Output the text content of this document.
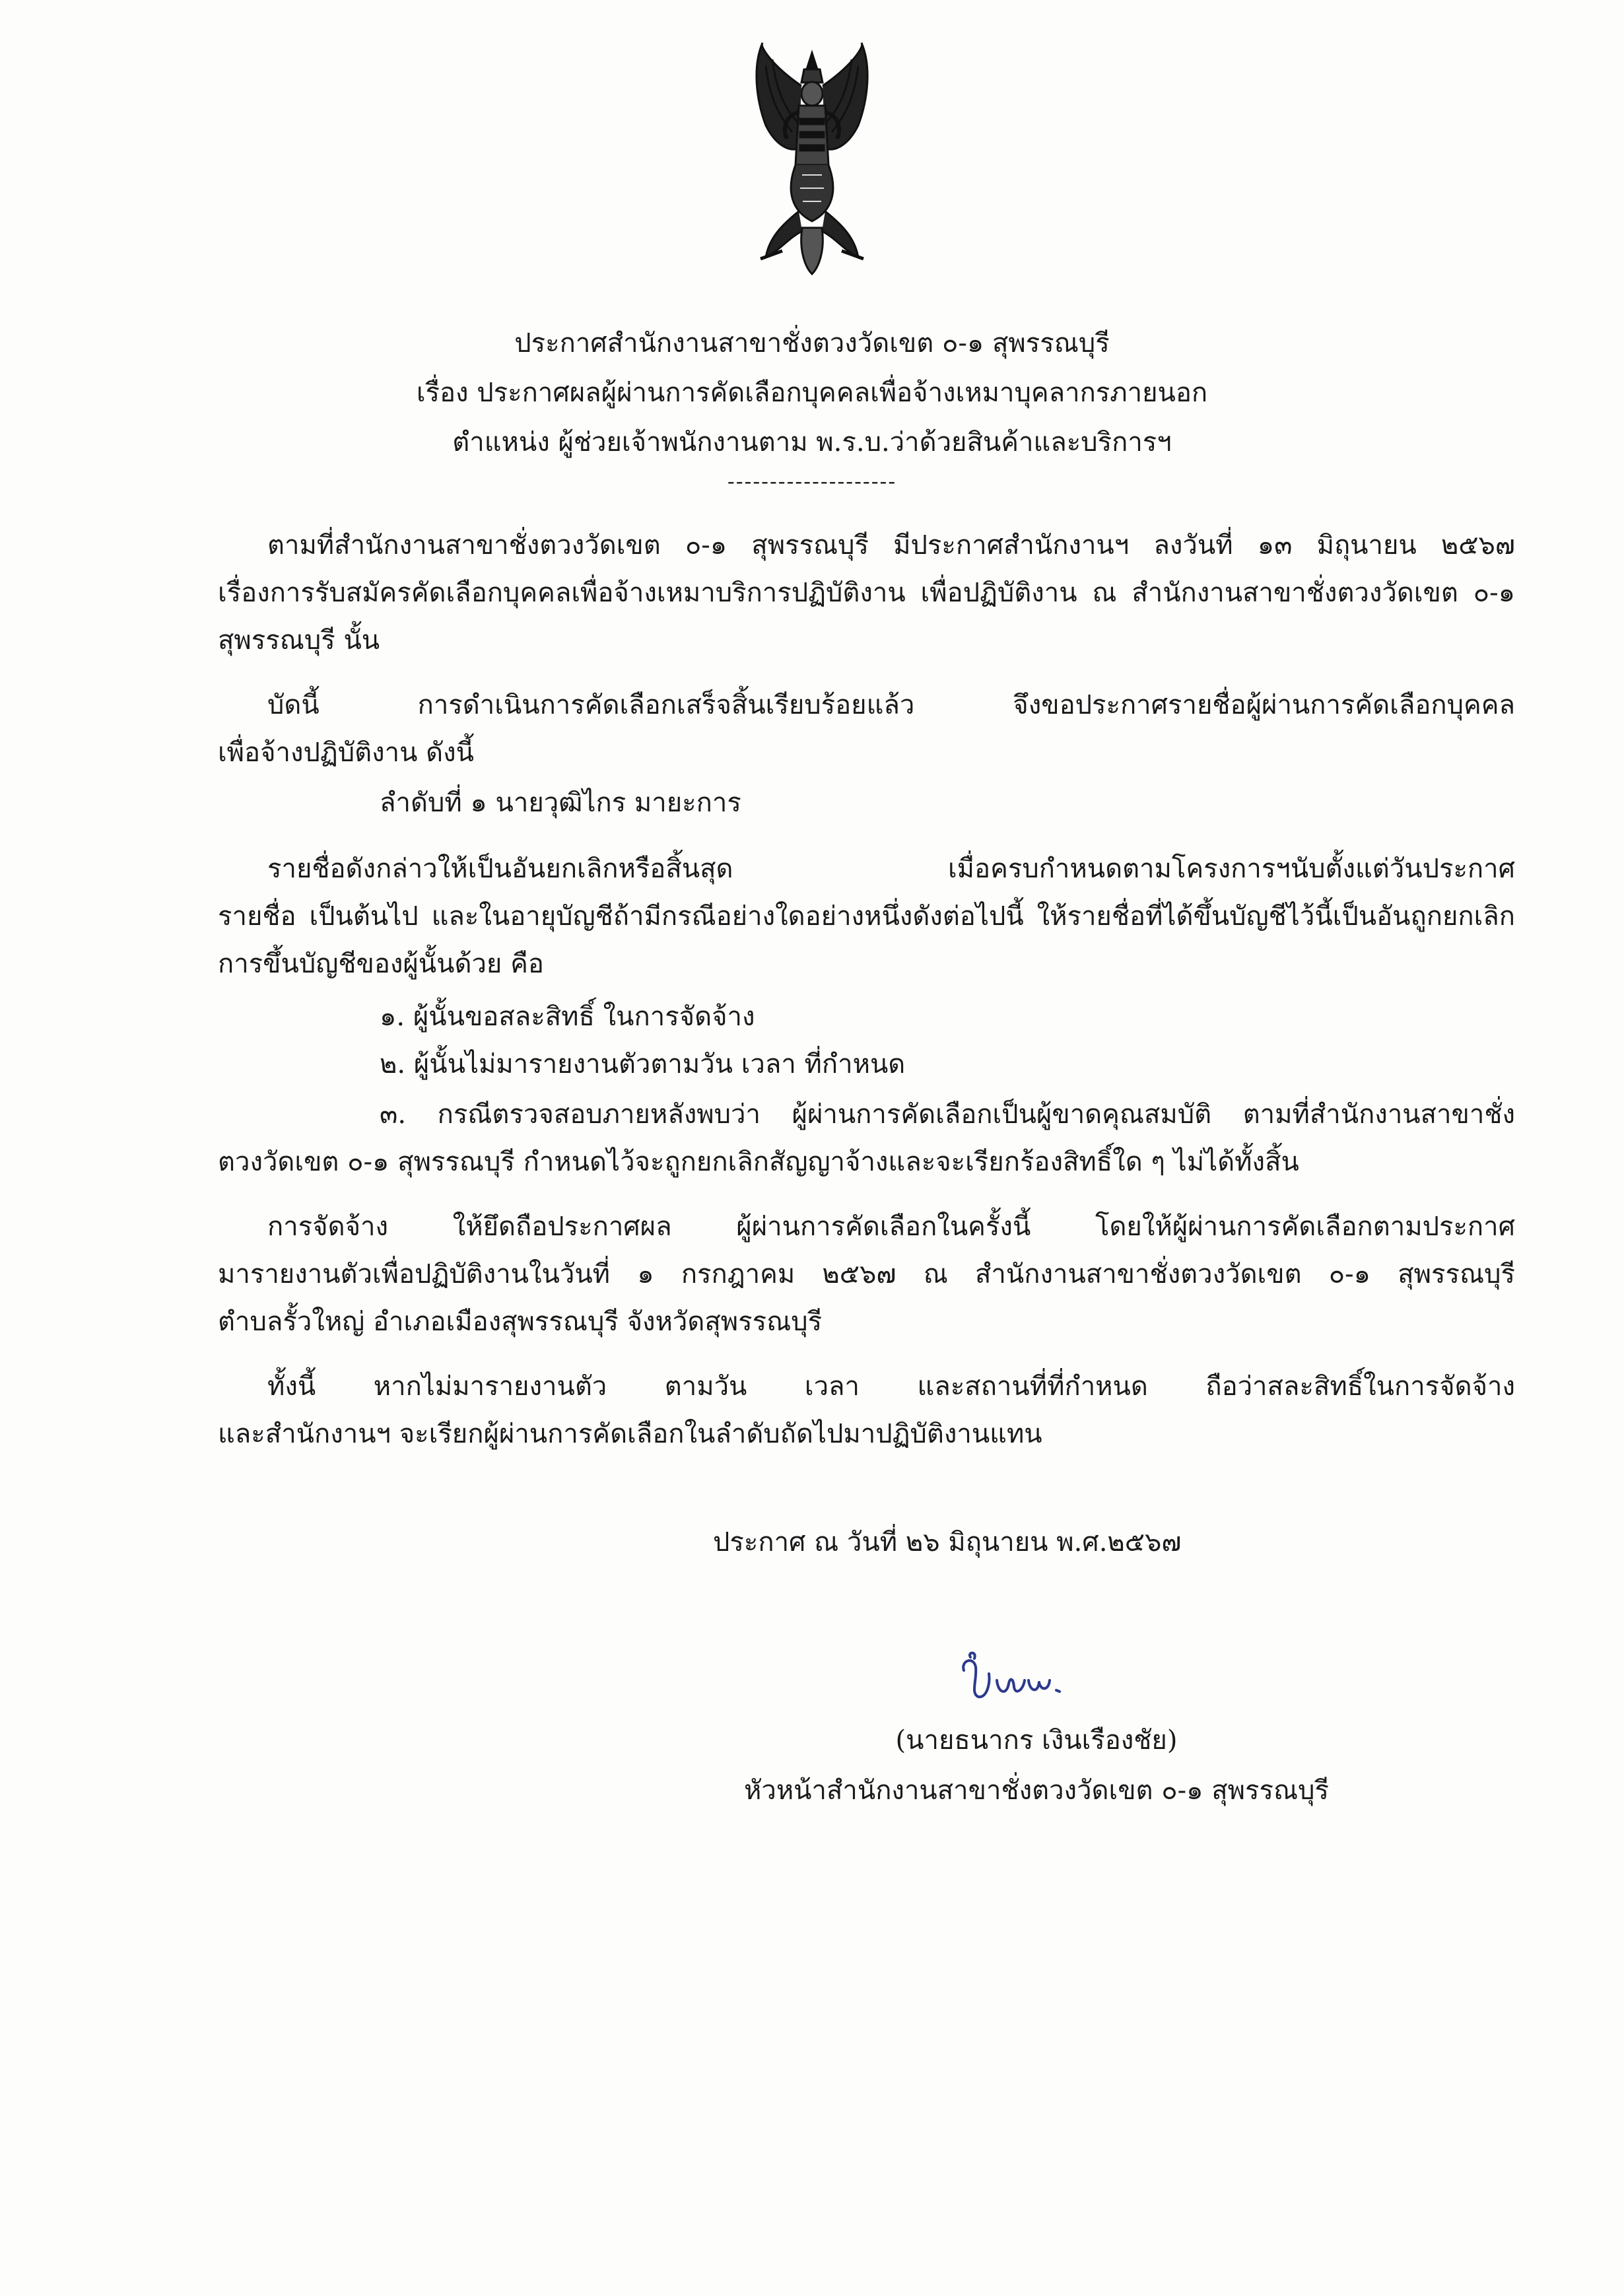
ประกาศสำนักงานสาขาชั่งตวงวัดเขต ๐-๑ สุพรรณบุรี
เรื่อง ประกาศผลผู้ผ่านการคัดเลือกบุคคลเพื่อจ้างเหมาบุคลากรภายนอก
ตำแหน่ง ผู้ช่วยเจ้าพนักงานตาม พ.ร.บ.ว่าด้วยสินค้าและบริการฯ
--------------------
ตามที่สำนักงานสาขาชั่งตวงวัดเขต ๐-๑ สุพรรณบุรี มีประกาศสำนักงานฯ ลงวันที่ ๑๓ มิถุนายน ๒๕๖๗
เรื่องการรับสมัครคัดเลือกบุคคลเพื่อจ้างเหมาบริการปฏิบัติงาน เพื่อปฏิบัติงาน ณ สำนักงานสาขาชั่งตวงวัดเขต ๐-๑
สุพรรณบุรี นั้น
บัดนี้ การดำเนินการคัดเลือกเสร็จสิ้นเรียบร้อยแล้ว จึงขอประกาศรายชื่อผู้ผ่านการคัดเลือกบุคคล
เพื่อจ้างปฏิบัติงาน ดังนี้
ลำดับที่ ๑ นายวุฒิไกร มายะการ
รายชื่อดังกล่าวให้เป็นอันยกเลิกหรือสิ้นสุด เมื่อครบกำหนดตามโครงการฯนับตั้งแต่วันประกาศ
รายชื่อ เป็นต้นไป และในอายุบัญชีถ้ามีกรณีอย่างใดอย่างหนึ่งดังต่อไปนี้ ให้รายชื่อที่ได้ขึ้นบัญชีไว้นี้เป็นอันถูกยกเลิก
การขึ้นบัญชีของผู้นั้นด้วย คือ
๑. ผู้นั้นขอสละสิทธิ์ ในการจัดจ้าง
๒. ผู้นั้นไม่มารายงานตัวตามวัน เวลา ที่กำหนด
๓. กรณีตรวจสอบภายหลังพบว่า ผู้ผ่านการคัดเลือกเป็นผู้ขาดคุณสมบัติ ตามที่สำนักงานสาขาชั่ง
ตวงวัดเขต ๐-๑ สุพรรณบุรี กำหนดไว้จะถูกยกเลิกสัญญาจ้างและจะเรียกร้องสิทธิ์ใด ๆ ไม่ได้ทั้งสิ้น
การจัดจ้าง ให้ยึดถือประกาศผล ผู้ผ่านการคัดเลือกในครั้งนี้ โดยให้ผู้ผ่านการคัดเลือกตามประกาศ
มารายงานตัวเพื่อปฏิบัติงานในวันที่ ๑ กรกฎาคม ๒๕๖๗ ณ สำนักงานสาขาชั่งตวงวัดเขต ๐-๑ สุพรรณบุรี
ตำบลรั้วใหญ่ อำเภอเมืองสุพรรณบุรี จังหวัดสุพรรณบุรี
ทั้งนี้ หากไม่มารายงานตัว ตามวัน เวลา และสถานที่ที่กำหนด ถือว่าสละสิทธิ์ในการจัดจ้าง
และสำนักงานฯ จะเรียกผู้ผ่านการคัดเลือกในลำดับถัดไปมาปฏิบัติงานแทน
ประกาศ ณ วันที่ ๒๖ มิถุนายน พ.ศ.๒๕๖๗
(นายธนากร เงินเรืองชัย)
หัวหน้าสำนักงานสาขาชั่งตวงวัดเขต ๐-๑ สุพรรณบุรี
